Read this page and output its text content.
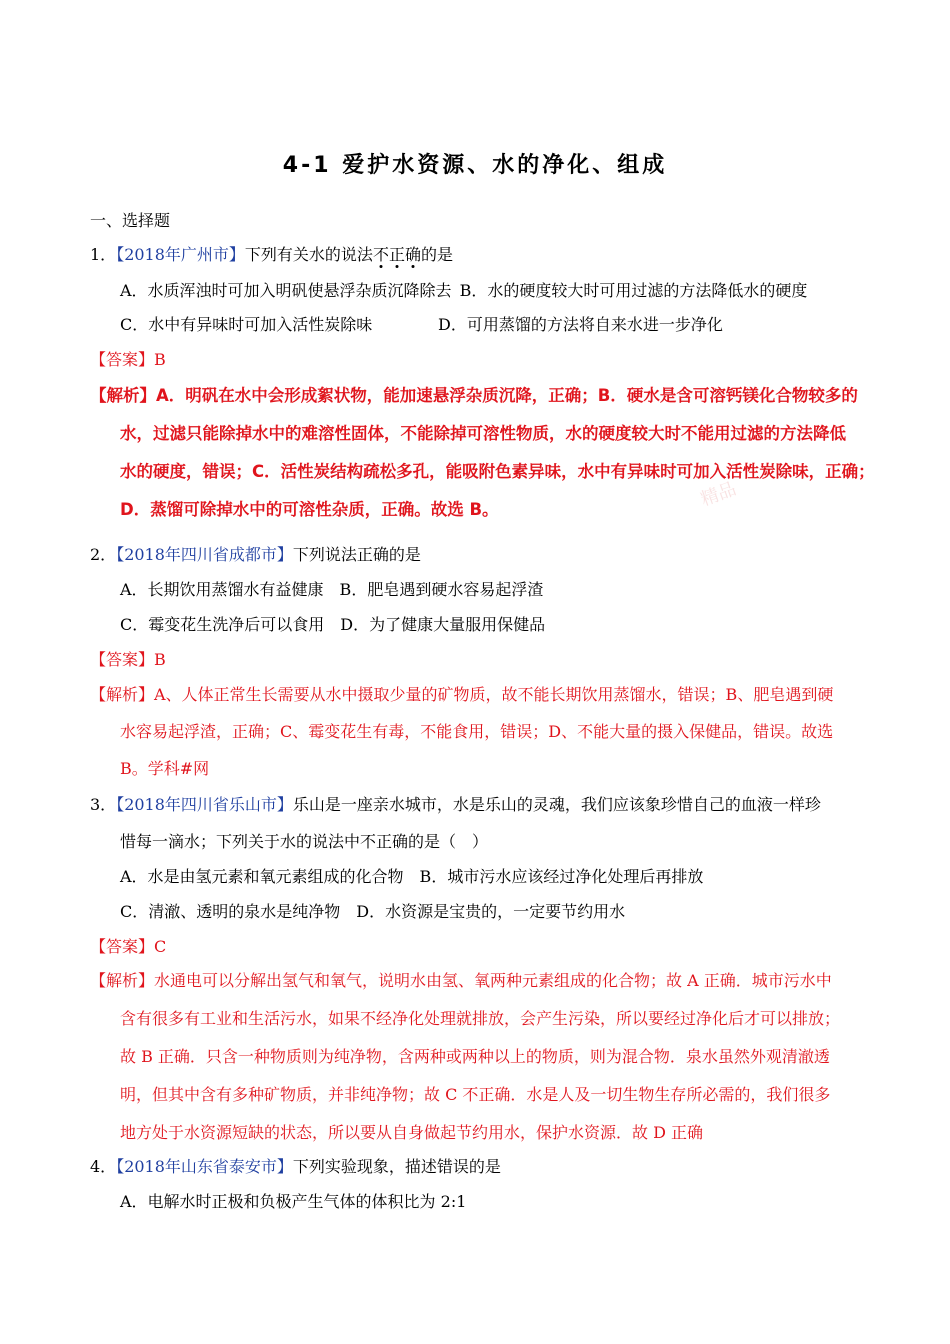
4-1 爱护水资源、水的净化、组成
一、选择题
1．【2018年广州市】下列有关水的说法不正确的是
A．水质浑浊时可加入明矾使悬浮杂质沉降除去 B．水的硬度较大时可用过滤的方法降低水的硬度
C．水中有异味时可加入活性炭除味	D．可用蒸馏的方法将自来水进一步净化
【答案】B
【解析】A．明矾在水中会形成絮状物，能加速悬浮杂质沉降，正确；B．硬水是含可溶钙镁化合物较多的
水，过滤只能除掉水中的难溶性固体，不能除掉可溶性物质，水的硬度较大时不能用过滤的方法降低
水的硬度，错误；C．活性炭结构疏松多孔，能吸附色素异味，水中有异味时可加入活性炭除味，正确；
D．蒸馏可除掉水中的可溶性杂质，正确。故选 B。	精品
2．【2018年四川省成都市】下列说法正确的是
A．长期饮用蒸馏水有益健康　B．肥皂遇到硬水容易起浮渣
C．霉变花生洗净后可以食用　D．为了健康大量服用保健品
【答案】B
【解析】A、人体正常生长需要从水中摄取少量的矿物质，故不能长期饮用蒸馏水，错误；B、肥皂遇到硬
水容易起浮渣，正确；C、霉变花生有毒，不能食用，错误；D、不能大量的摄入保健品，错误。故选
B。学科#网
3．【2018年四川省乐山市】乐山是一座亲水城市，水是乐山的灵魂，我们应该象珍惜自己的血液一样珍
惜每一滴水；下列关于水的说法中不正确的是（　）
A．水是由氢元素和氧元素组成的化合物　B．城市污水应该经过净化处理后再排放
C．清澈、透明的泉水是纯净物　D．水资源是宝贵的，一定要节约用水
【答案】C
【解析】水通电可以分解出氢气和氧气，说明水由氢、氧两种元素组成的化合物；故 A 正确．城市污水中
含有很多有工业和生活污水，如果不经净化处理就排放，会产生污染，所以要经过净化后才可以排放；
故 B 正确．只含一种物质则为纯净物，含两种或两种以上的物质，则为混合物．泉水虽然外观清澈透
明，但其中含有多种矿物质，并非纯净物；故 C 不正确．水是人及一切生物生存所必需的，我们很多
地方处于水资源短缺的状态，所以要从自身做起节约用水，保护水资源．故 D 正确
4．【2018年山东省泰安市】下列实验现象，描述错误的是
A．电解水时正极和负极产生气体的体积比为 2:1
